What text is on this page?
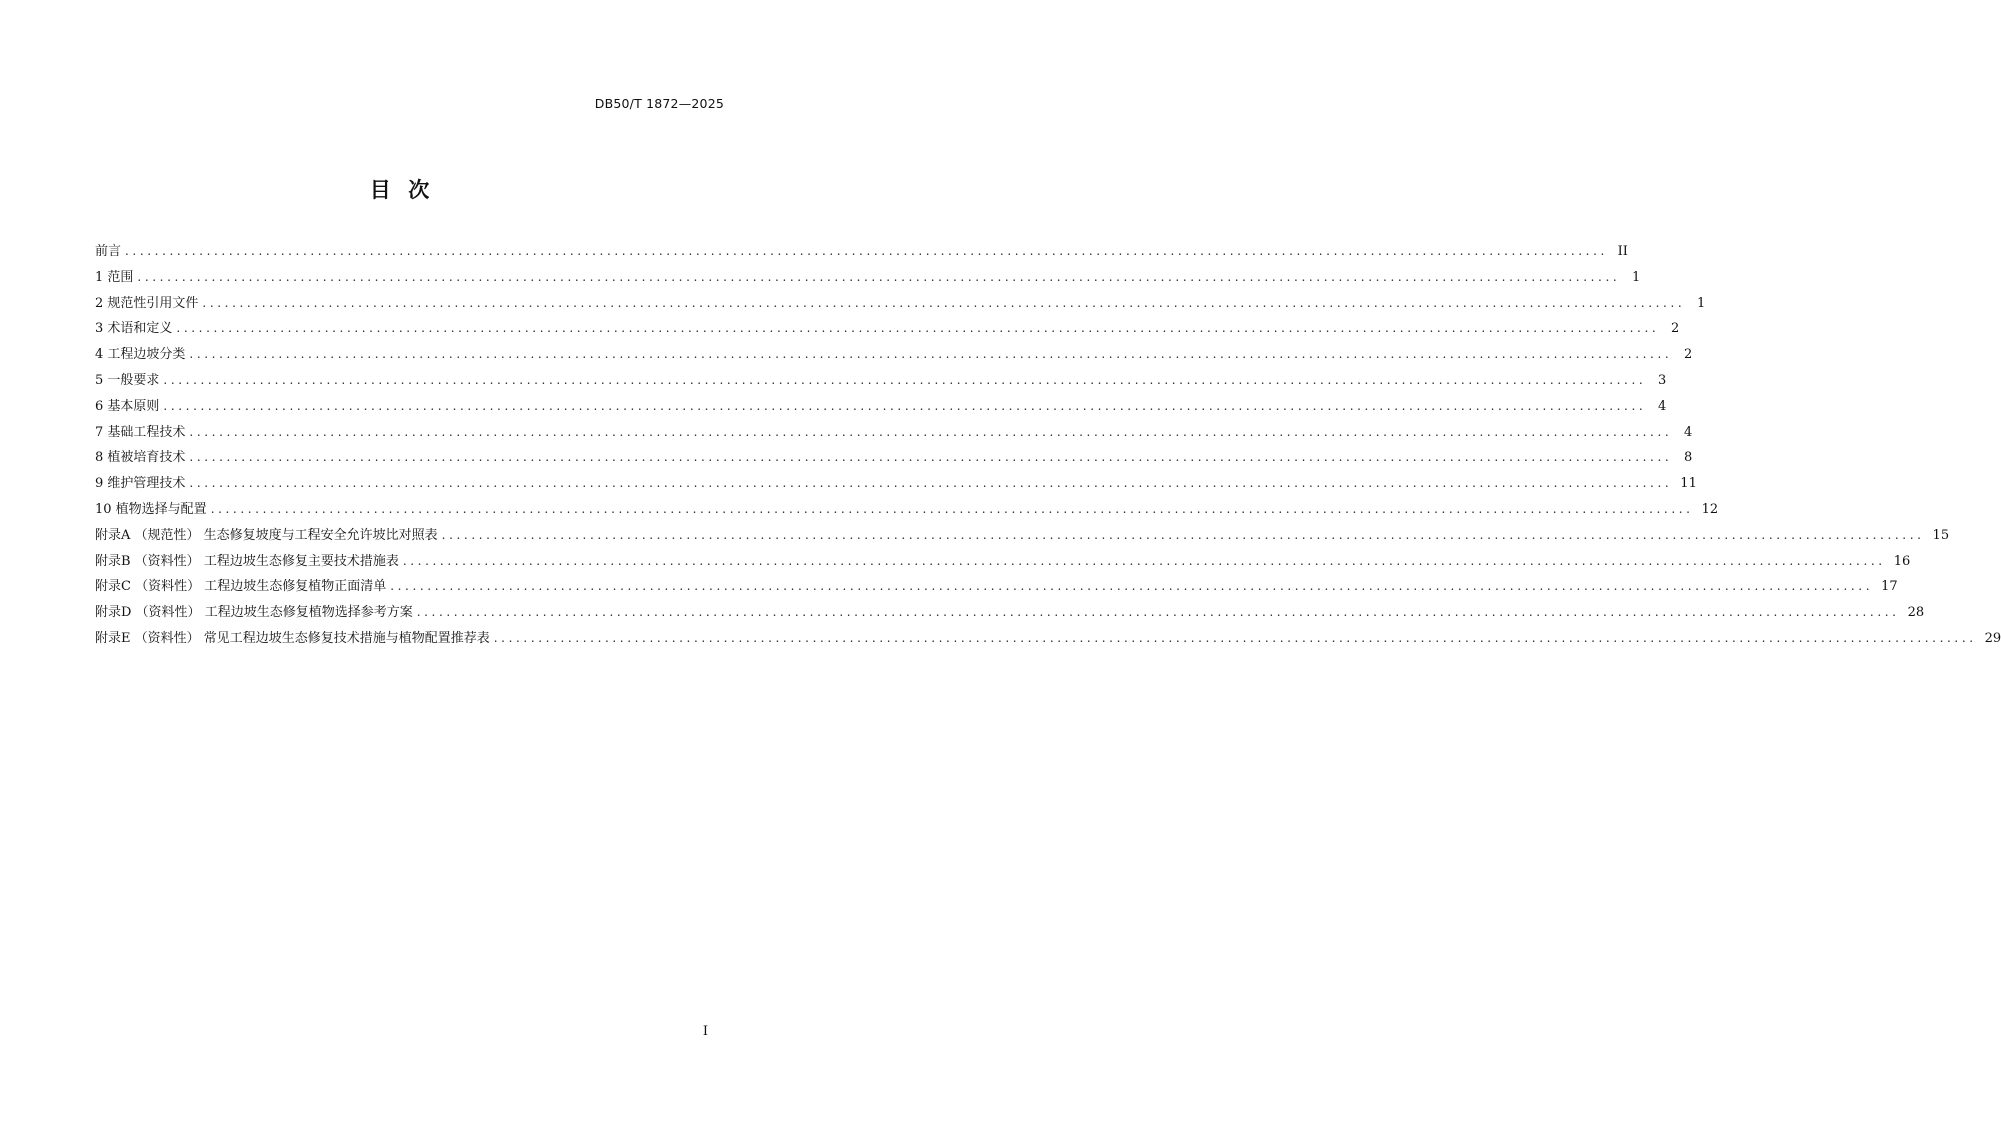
DB50/T 1872—2025
目  次
前言 ........................................................................................................................................................................................................ II
1 范围 ........................................................................................................................................................................................................ 1
2 规范性引用文件 ........................................................................................................................................................................................................ 1
3 术语和定义 ........................................................................................................................................................................................................ 2
4 工程边坡分类 ........................................................................................................................................................................................................ 2
5 一般要求 ........................................................................................................................................................................................................ 3
6 基本原则 ........................................................................................................................................................................................................ 4
7 基础工程技术 ........................................................................................................................................................................................................ 4
8 植被培育技术 ........................................................................................................................................................................................................ 8
9 维护管理技术 ........................................................................................................................................................................................................ 11
10 植物选择与配置 ........................................................................................................................................................................................................ 12
附录A （规范性） 生态修复坡度与工程安全允许坡比对照表 ........................................................................................................................................................................................................ 15
附录B （资料性） 工程边坡生态修复主要技术措施表 ........................................................................................................................................................................................................ 16
附录C （资料性） 工程边坡生态修复植物正面清单 ........................................................................................................................................................................................................ 17
附录D （资料性） 工程边坡生态修复植物选择参考方案 ........................................................................................................................................................................................................ 28
附录E （资料性） 常见工程边坡生态修复技术措施与植物配置推荐表 ........................................................................................................................................................................................................ 29
I
